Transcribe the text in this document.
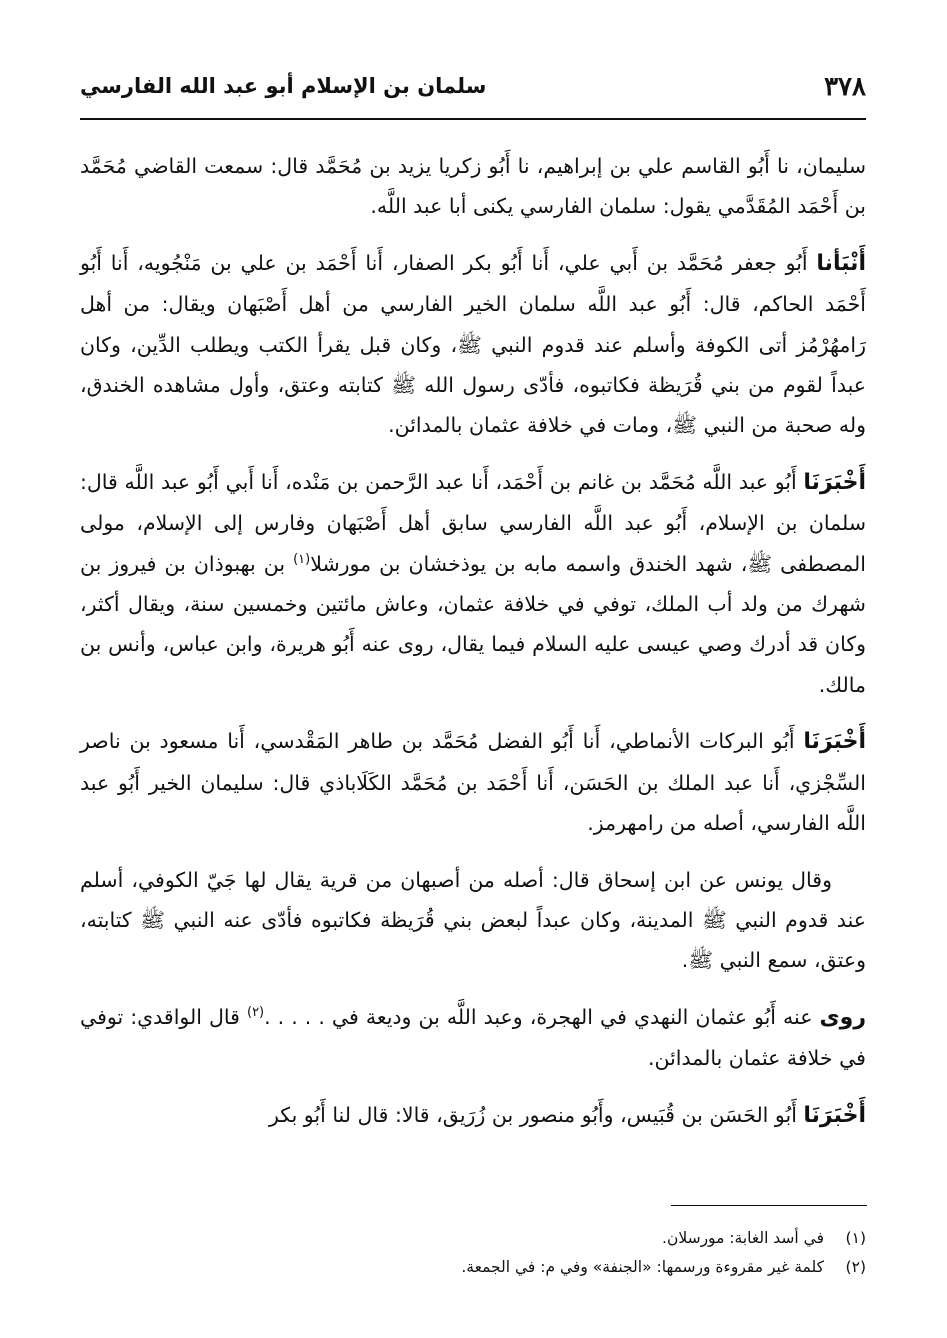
٣٧٨
سلمان بن الإسلام أبو عبد الله الفارسي

سليمان، نا أَبُو القاسم علي بن إبراهيم، نا أَبُو زكريا يزيد بن مُحَمَّد قال: سمعت القاضي مُحَمَّد بن أَحْمَد المُقَدَّمي يقول: سلمان الفارسي يكنى أبا عبد اللَّه.

أَنْبَأنا أَبُو جعفر مُحَمَّد بن أَبي علي، أَنا أَبُو بكر الصفار، أَنا أَحْمَد بن علي بن مَنْجُويه، أَنا أَبُو أَحْمَد الحاكم، قال: أَبُو عبد اللَّه سلمان الخير الفارسي من أهل أَصْبَهان ويقال: من أهل رَامهُرْمُز أتى الكوفة وأسلم عند قدوم النبي ﷺ، وكان قبل يقرأ الكتب ويطلب الدِّين، وكان عبداً لقوم من بني قُرَيظة فكاتبوه، فأدّى رسول الله ﷺ كتابته وعتق، وأول مشاهده الخندق، وله صحبة من النبي ﷺ، ومات في خلافة عثمان بالمدائن.

أَخْبَرَنَا أَبُو عبد اللَّه مُحَمَّد بن غانم بن أَحْمَد، أَنا عبد الرَّحمن بن مَنْده، أَنا أَبي أَبُو عبد اللَّه قال: سلمان بن الإسلام، أَبُو عبد اللَّه الفارسي سابق أهل أَصْبَهان وفارس إلى الإسلام، مولى المصطفى ﷺ، شهد الخندق واسمه مابه بن يوذخشان بن مورشلا$^{(١)}$ بن بهبوذان بن فيروز بن شهرك من ولد أب الملك، توفي في خلافة عثمان، وعاش مائتين وخمسين سنة، ويقال أكثر، وكان قد أدرك وصي عيسى عليه السلام فيما يقال، روى عنه أَبُو هريرة، وابن عباس، وأنس بن مالك.

أَخْبَرَنَا أَبُو البركات الأنماطي، أَنا أَبُو الفضل مُحَمَّد بن طاهر المَقْدسي، أَنا مسعود بن ناصر السِّجْزي، أَنا عبد الملك بن الحَسَن، أَنا أَحْمَد بن مُحَمَّد الكَلَاباذي قال: سليمان الخير أَبُو عبد اللَّه الفارسي، أصله من رامهرمز.

وقال يونس عن ابن إسحاق قال: أصله من أصبهان من قرية يقال لها جَيّ الكوفي، أسلم عند قدوم النبي ﷺ المدينة، وكان عبداً لبعض بني قُرَيظة فكاتبوه فأدّى عنه النبي ﷺ كتابته، وعتق، سمع النبي ﷺ.

روى عنه أَبُو عثمان النهدي في الهجرة، وعبد اللَّه بن وديعة في . . . . .$^{(٢)}$ قال الواقدي: توفي في خلافة عثمان بالمدائن.

أَخْبَرَنَا أَبُو الحَسَن بن قُبَيس، وأَبُو منصور بن زُرَيق، قالا: قال لنا أَبُو بكر

(١)في أسد الغابة: مورسلان.

(٢)كلمة غير مقروءة ورسمها: «الجنفة» وفي م: في الجمعة.
